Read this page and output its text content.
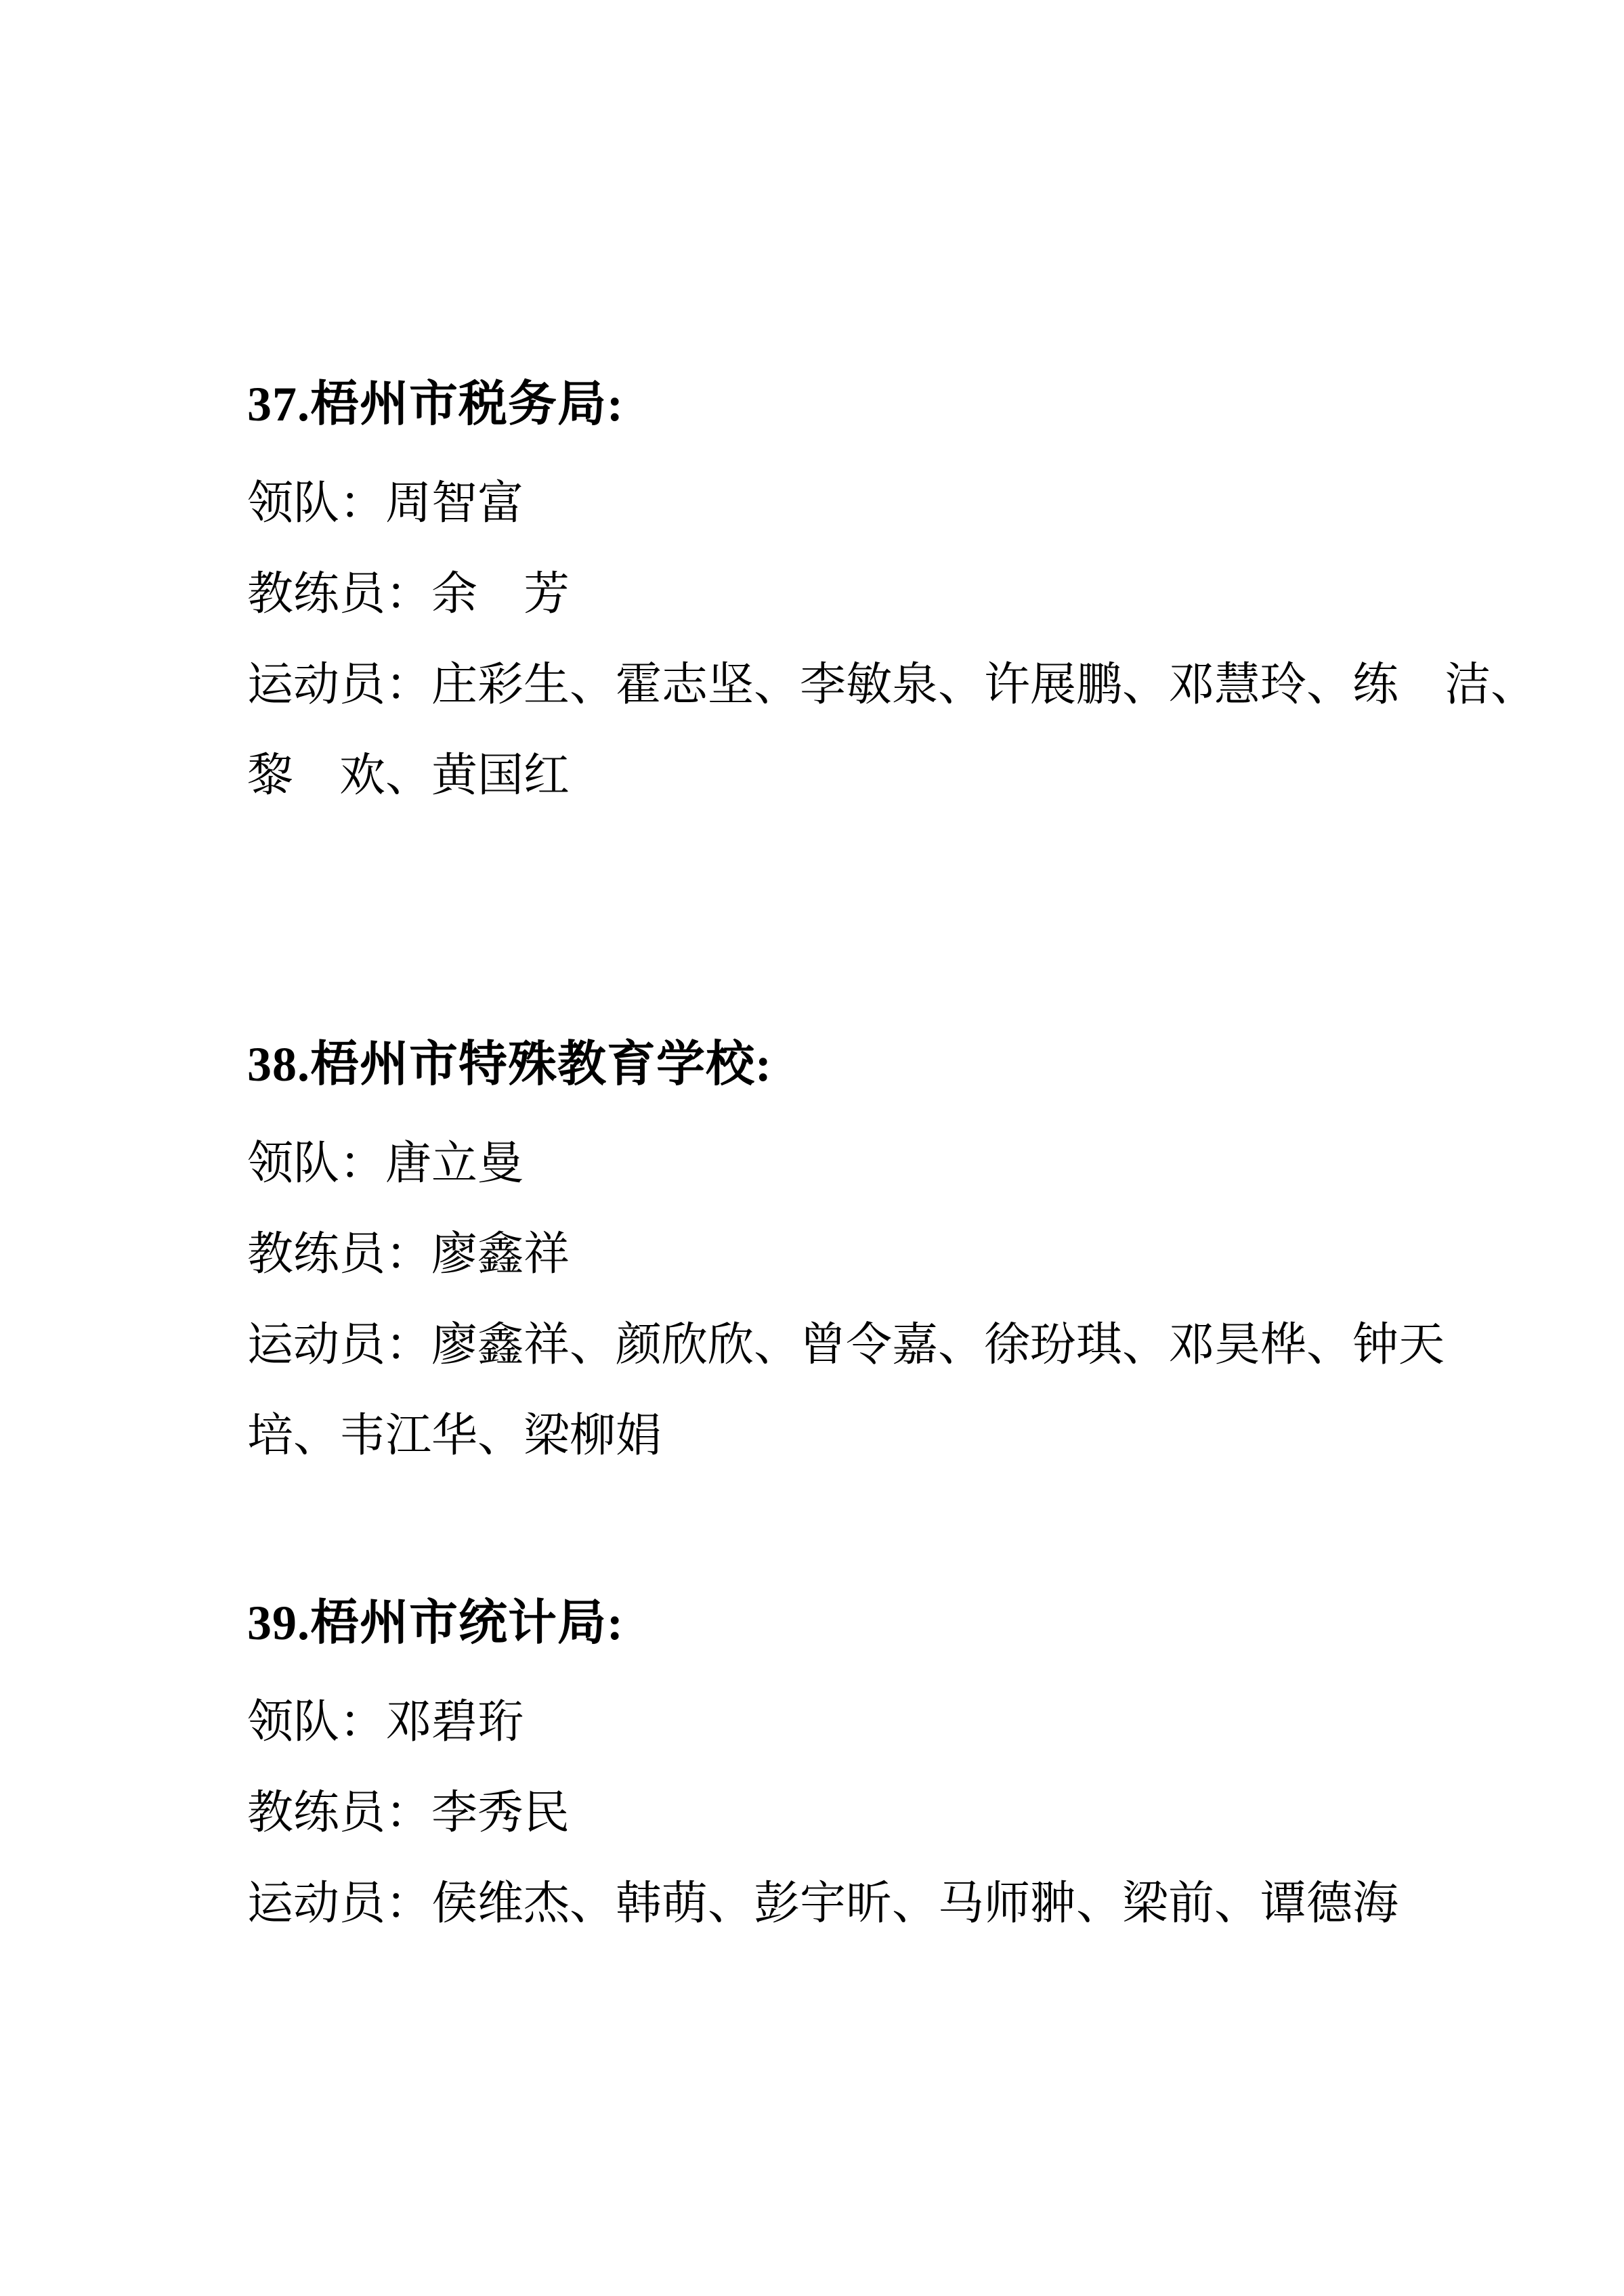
37.梧州市税务局:

领队：周智富

教练员：余　芳

运动员：庄彩生、霍志坚、李敏泉、许展鹏、邓慧玲、练　洁、

黎　欢、黄国红

38.梧州市特殊教育学校:

领队：唐立曼

教练员：廖鑫祥

运动员：廖鑫祥、颜欣欣、曾令嘉、徐玢琪、邓昊桦、钟天

培、韦江华、梁柳娟

39.梧州市统计局:

领队：邓碧珩

教练员：李秀民

运动员：侯维杰、韩萌、彭宇昕、马师翀、梁前、谭德海
